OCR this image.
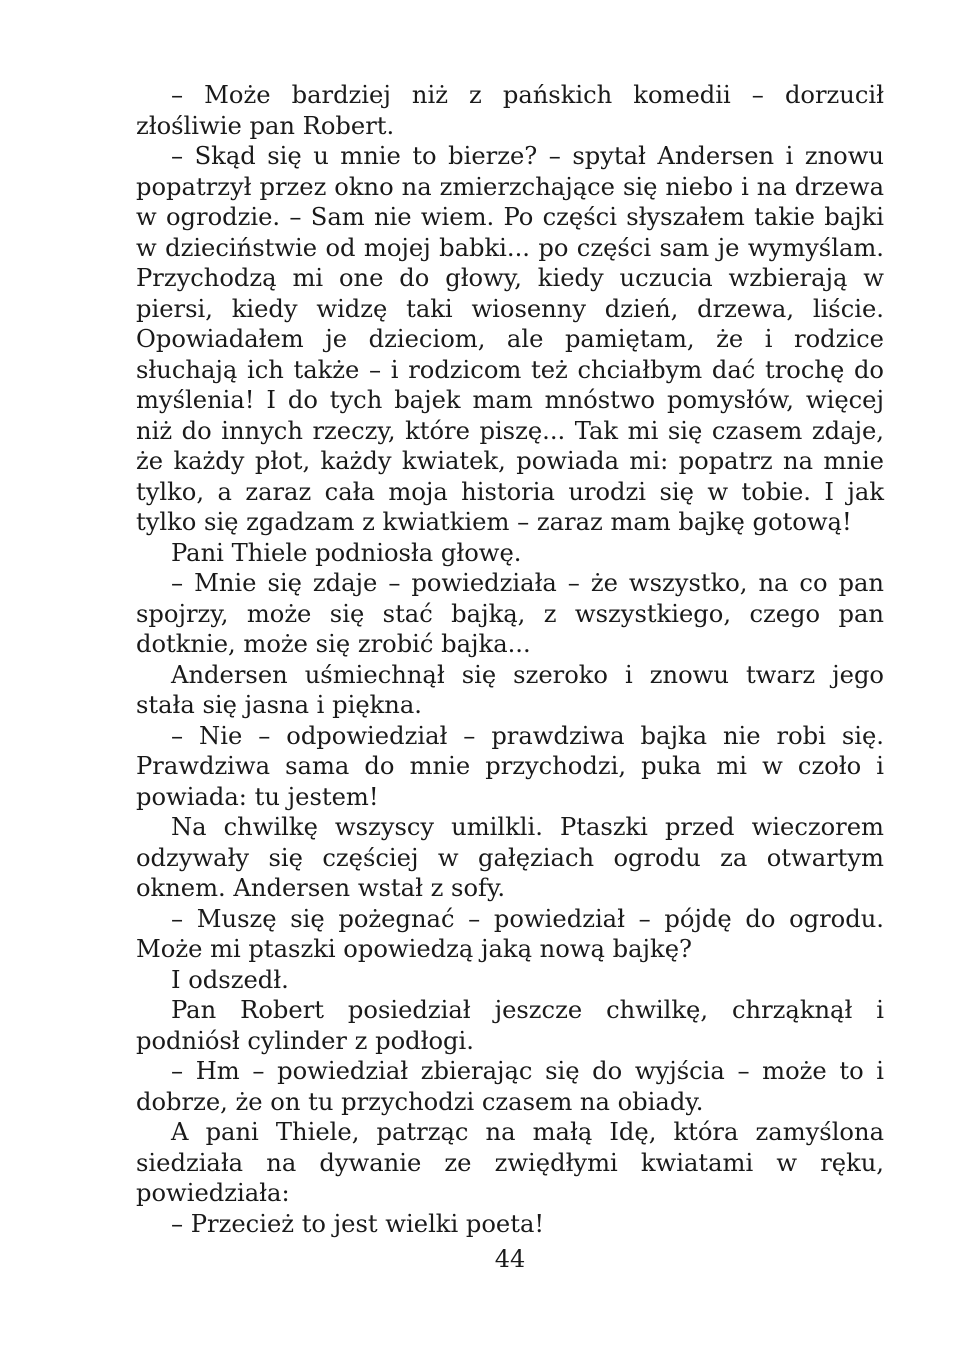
– Może bardziej niż z pańskich komedii – dorzucił złośliwie pan Robert.

– Skąd się u mnie to bierze? – spytał Andersen i znowu popatrzył przez okno na zmierzchające się niebo i na drzewa w ogrodzie. – Sam nie wiem. Po części słyszałem takie bajki w dzieciństwie od mojej babki... po części sam je wymyślam. Przychodzą mi one do głowy, kiedy uczucia wzbierają w piersi, kiedy widzę taki wiosenny dzień, drzewa, liście. Opowiadałem je dzieciom, ale pamiętam, że i rodzice słuchają ich także – i rodzicom też chciałbym dać trochę do myślenia! I do tych bajek mam mnóstwo pomysłów, więcej niż do innych rzeczy, które piszę... Tak mi się czasem zdaje, że każdy płot, każdy kwiatek, powiada mi: popatrz na mnie tylko, a zaraz cała moja historia urodzi się w tobie. I jak tylko się zgadzam z kwiatkiem – zaraz mam bajkę gotową!

Pani Thiele podniosła głowę.

– Mnie się zdaje – powiedziała – że wszystko, na co pan spojrzy, może się stać bajką, z wszystkiego, czego pan dotknie, może się zrobić bajka...

Andersen uśmiechnął się szeroko i znowu twarz jego stała się jasna i piękna.

– Nie – odpowiedział – prawdziwa bajka nie robi się. Prawdziwa sama do mnie przychodzi, puka mi w czoło i powiada: tu jestem!

Na chwilkę wszyscy umilkli. Ptaszki przed wieczorem odzywały się częściej w gałęziach ogrodu za otwartym oknem. Andersen wstał z sofy.

– Muszę się pożegnać – powiedział – pójdę do ogrodu. Może mi ptaszki opowiedzą jaką nową bajkę?

I odszedł.

Pan Robert posiedział jeszcze chwilkę, chrząknął i podniósł cylinder z podłogi.

– Hm – powiedział zbierając się do wyjścia – może to i dobrze, że on tu przychodzi czasem na obiady.

A pani Thiele, patrząc na małą Idę, która zamyślona siedziała na dywanie ze zwiędłymi kwiatami w ręku, powiedziała:

– Przecież to jest wielki poeta!

44
